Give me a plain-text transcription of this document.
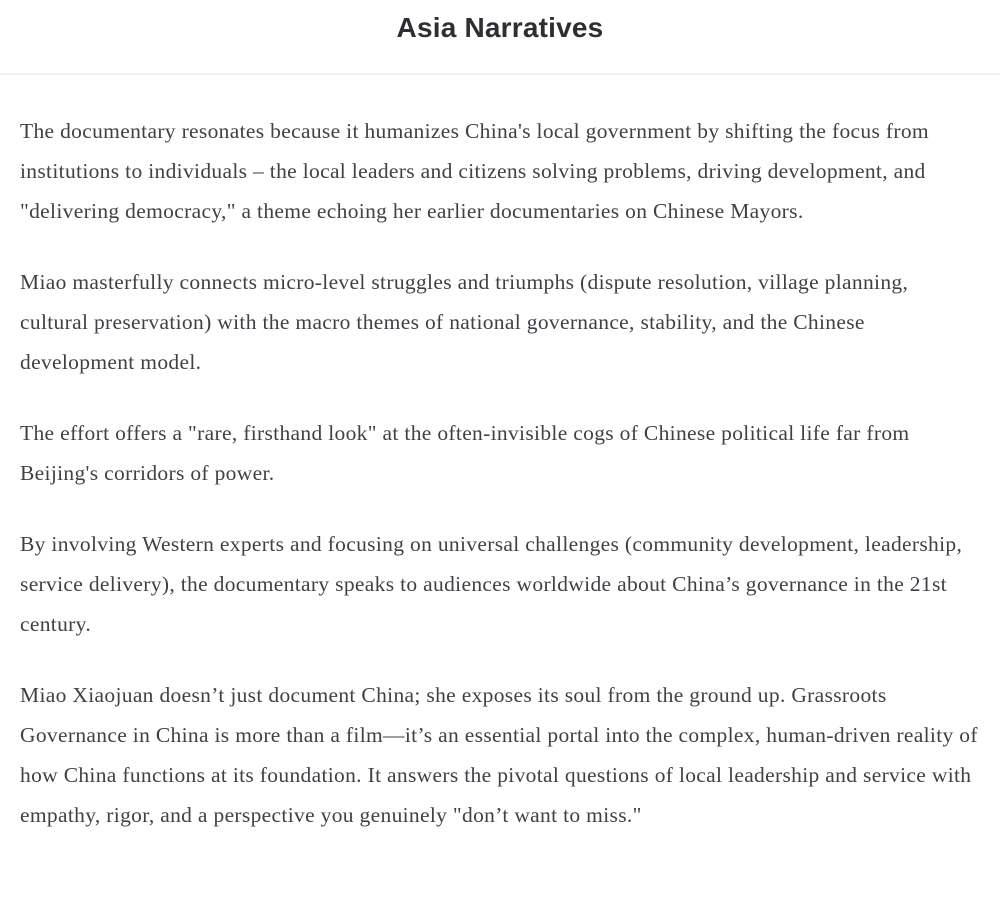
Asia Narratives

The documentary resonates because it humanizes China's local government by shifting the focus from institutions to individuals – the local leaders and citizens solving problems, driving development, and "delivering democracy," a theme echoing her earlier documentaries on Chinese Mayors.

Miao masterfully connects micro-level struggles and triumphs (dispute resolution, village planning, cultural preservation) with the macro themes of national governance, stability, and the Chinese development model.

The effort offers a "rare, firsthand look" at the often-invisible cogs of Chinese political life far from Beijing's corridors of power.

By involving Western experts and focusing on universal challenges (community development, leadership, service delivery), the documentary speaks to audiences worldwide about China’s governance in the 21st century.

Miao Xiaojuan doesn’t just document China; she exposes its soul from the ground up. Grassroots Governance in China is more than a film—it’s an essential portal into the complex, human-driven reality of how China functions at its foundation. It answers the pivotal questions of local leadership and service with empathy, rigor, and a perspective you genuinely "don’t want to miss."
